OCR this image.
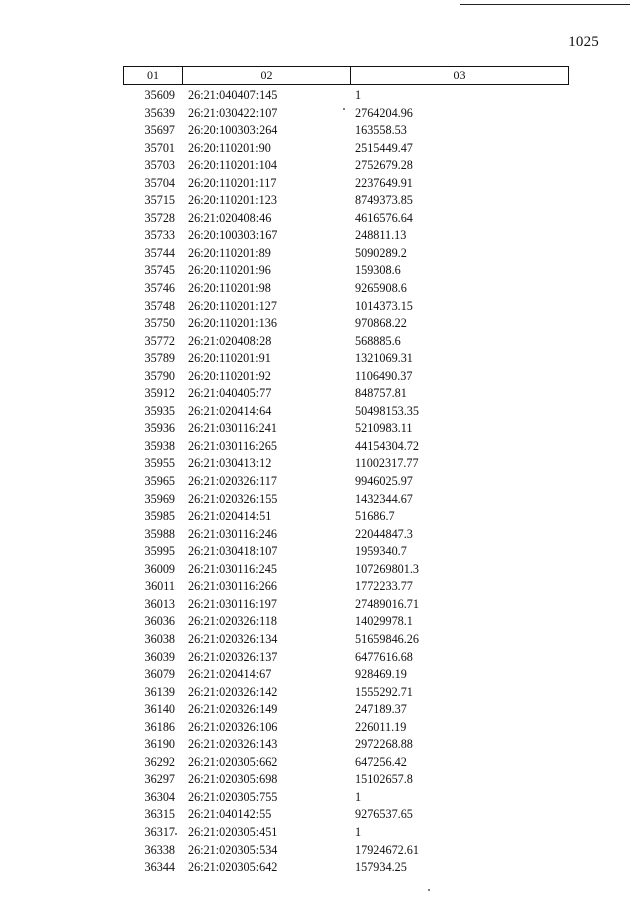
1025
01	02	03
35609	26:21:040407:145	1
35639	26:21:030422:107	2764204.96
35697	26:20:100303:264	163558.53
35701	26:20:110201:90	2515449.47
35703	26:20:110201:104	2752679.28
35704	26:20:110201:117	2237649.91
35715	26:20:110201:123	8749373.85
35728	26:21:020408:46	4616576.64
35733	26:20:100303:167	248811.13
35744	26:20:110201:89	5090289.2
35745	26:20:110201:96	159308.6
35746	26:20:110201:98	9265908.6
35748	26:20:110201:127	1014373.15
35750	26:20:110201:136	970868.22
35772	26:21:020408:28	568885.6
35789	26:20:110201:91	1321069.31
35790	26:20:110201:92	1106490.37
35912	26:21:040405:77	848757.81
35935	26:21:020414:64	50498153.35
35936	26:21:030116:241	5210983.11
35938	26:21:030116:265	44154304.72
35955	26:21:030413:12	11002317.77
35965	26:21:020326:117	9946025.97
35969	26:21:020326:155	1432344.67
35985	26:21:020414:51	51686.7
35988	26:21:030116:246	22044847.3
35995	26:21:030418:107	1959340.7
36009	26:21:030116:245	107269801.3
36011	26:21:030116:266	1772233.77
36013	26:21:030116:197	27489016.71
36036	26:21:020326:118	14029978.1
36038	26:21:020326:134	51659846.26
36039	26:21:020326:137	6477616.68
36079	26:21:020414:67	928469.19
36139	26:21:020326:142	1555292.71
36140	26:21:020326:149	247189.37
36186	26:21:020326:106	226011.19
36190	26:21:020326:143	2972268.88
36292	26:21:020305:662	647256.42
36297	26:21:020305:698	15102657.8
36304	26:21:020305:755	1
36315	26:21:040142:55	9276537.65
36317	26:21:020305:451	1
36338	26:21:020305:534	17924672.61
36344	26:21:020305:642	157934.25
